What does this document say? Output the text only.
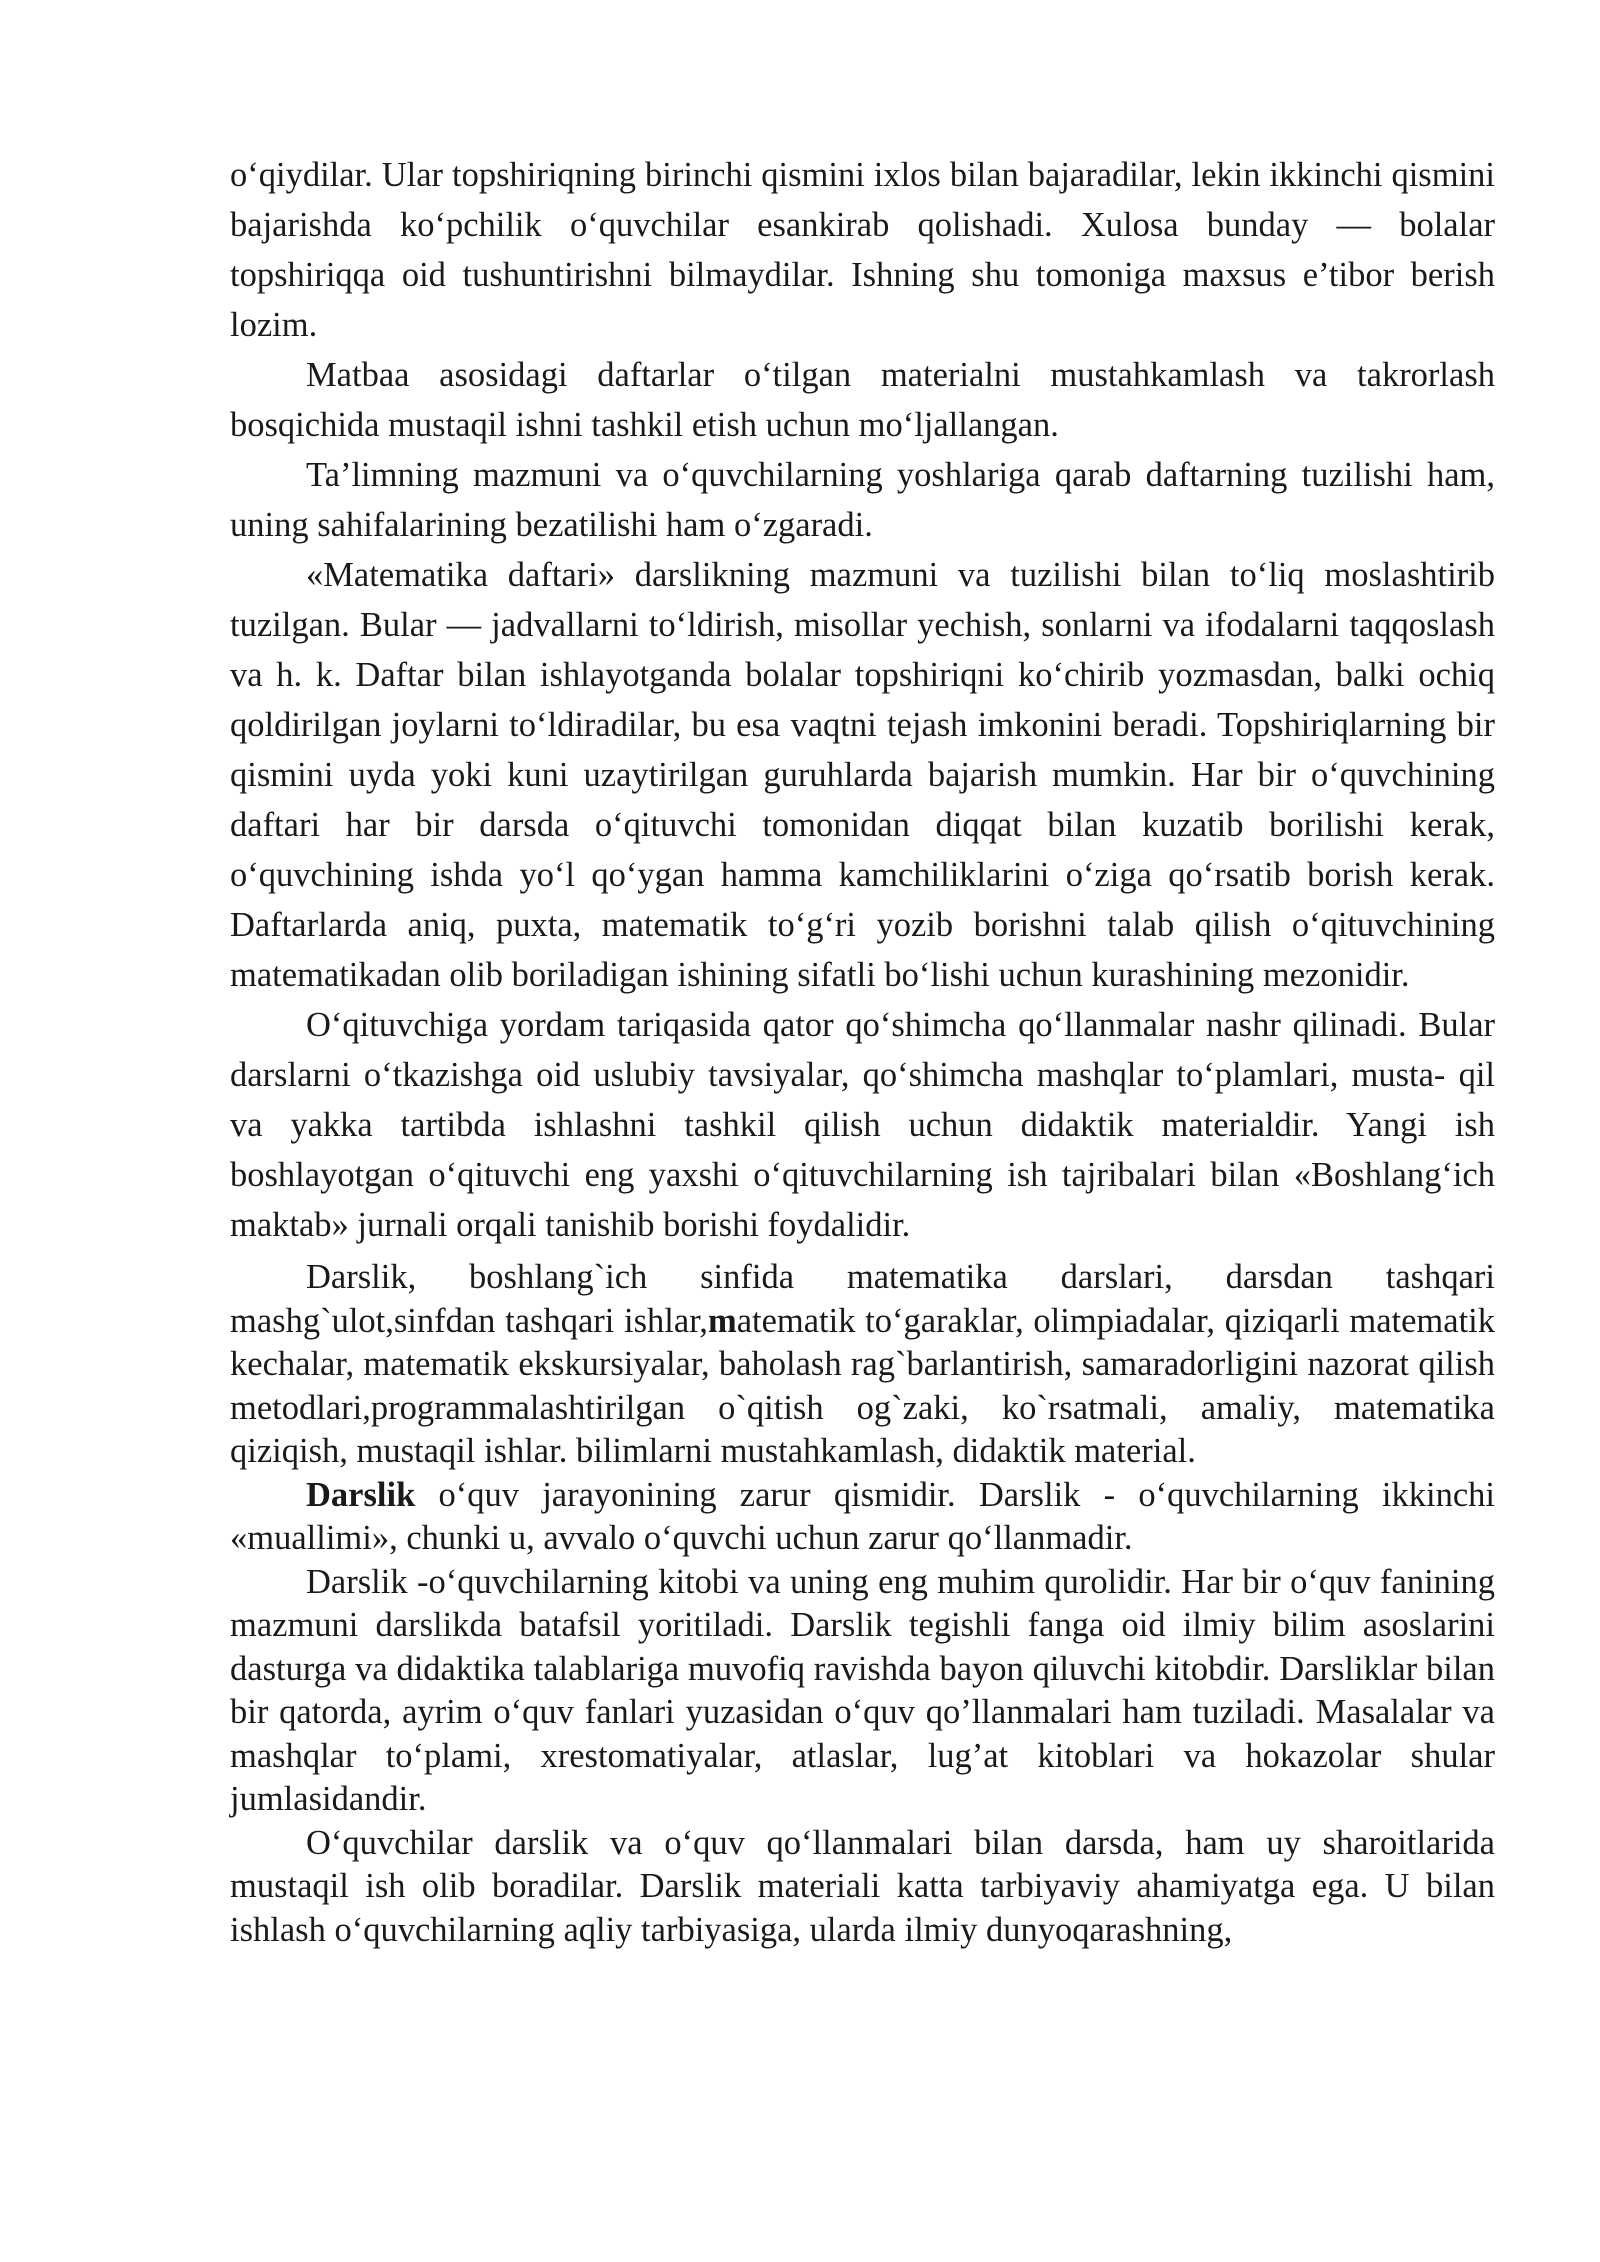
o‘qiydilar. Ular topshiriqning birinchi qismini ixlos bilan bajaradilar, lekin ikkinchi qismini bajarishda ko‘pchilik o‘quvchilar esankirab qolishadi. Xulosa bunday — bolalar topshiriqqa oid tushuntirishni bilmaydilar. Ishning shu tomoniga maxsus e’tibor berish lozim.

Matbaa asosidagi daftarlar o‘tilgan materialni mustahkamlash va takrorlash bosqichida mustaqil ishni tashkil etish uchun mo‘ljallangan.

Ta’limning mazmuni va o‘quvchilarning yoshlariga qarab daftarning tuzilishi ham, uning sahifalarining bezatilishi ham o‘zgaradi.

«Matematika daftari» darslikning mazmuni va tuzilishi bilan to‘liq moslashtirib tuzilgan. Bular — jadvallarni to‘ldirish, misollar yechish, sonlarni va ifodalarni taqqoslash va h. k. Daftar bilan ishlayotganda bolalar topshiriqni ko‘chirib yozmasdan, balki ochiq qoldirilgan joylarni to‘ldiradilar, bu esa vaqtni tejash imkonini beradi. Topshiriqlarning bir qismini uyda yoki kuni uzaytirilgan guruhlarda bajarish mumkin. Har bir o‘quvchining daftari har bir darsda o‘qituvchi tomonidan diqqat bilan kuzatib borilishi kerak, o‘quvchining ishda yo‘l qo‘ygan hamma kamchiliklarini o‘ziga qo‘rsatib borish kerak. Daftarlarda aniq, puxta, matematik to‘g‘ri yozib borishni talab qilish o‘qituvchining matematikadan olib boriladigan ishining sifatli bo‘lishi uchun kurashining mezonidir.

O‘qituvchiga yordam tariqasida qator qo‘shimcha qo‘llanmalar nashr qilinadi. Bular darslarni o‘tkazishga oid uslubiy tavsiyalar, qo‘shimcha mashqlar to‘plamlari, musta- qil va yakka tartibda ishlashni tashkil qilish uchun didaktik materialdir. Yangi ish boshlayotgan o‘qituvchi eng yaxshi o‘qituvchilarning ish tajribalari bilan «Boshlang‘ich maktab» jurnali orqali tanishib borishi foydalidir.

Darslik, boshlang`ich sinfida matematika darslari, darsdan tashqari mashg`ulot,sinfdan tashqari ishlar,matematik to‘garaklar, olimpiadalar, qiziqarli matematik kechalar, matematik ekskursiyalar, baholash rag`barlantirish, samaradorligini nazorat qilish metodlari,programmalashtirilgan o`qitish og`zaki, ko`rsatmali, amaliy, matematika qiziqish, mustaqil ishlar. bilimlarni mustahkamlash, didaktik material.

Darslik o‘quv jarayonining zarur qismidir. Darslik - o‘quvchilarning ikkinchi «muallimi», chunki u, avvalo o‘quvchi uchun zarur qo‘llanmadir.

Darslik -o‘quvchilarning kitobi va uning eng muhim qurolidir. Har bir o‘quv fanining mazmuni darslikda batafsil yoritiladi. Darslik tegishli fanga oid ilmiy bilim asoslarini dasturga va didaktika talablariga muvofiq ravishda bayon qiluvchi kitobdir. Darsliklar bilan bir qatorda, ayrim o‘quv fanlari yuzasidan o‘quv qo’llanmalari ham tuziladi. Masalalar va mashqlar to‘plami, xrestomatiyalar, atlaslar, lug’at kitoblari va hokazolar shular jumlasidandir.

O‘quvchilar darslik va o‘quv qo‘llanmalari bilan darsda, ham uy sharoitlarida mustaqil ish olib boradilar. Darslik materiali katta tarbiyaviy ahamiyatga ega. U bilan ishlash o‘quvchilarning aqliy tarbiyasiga, ularda ilmiy dunyoqarashning,
